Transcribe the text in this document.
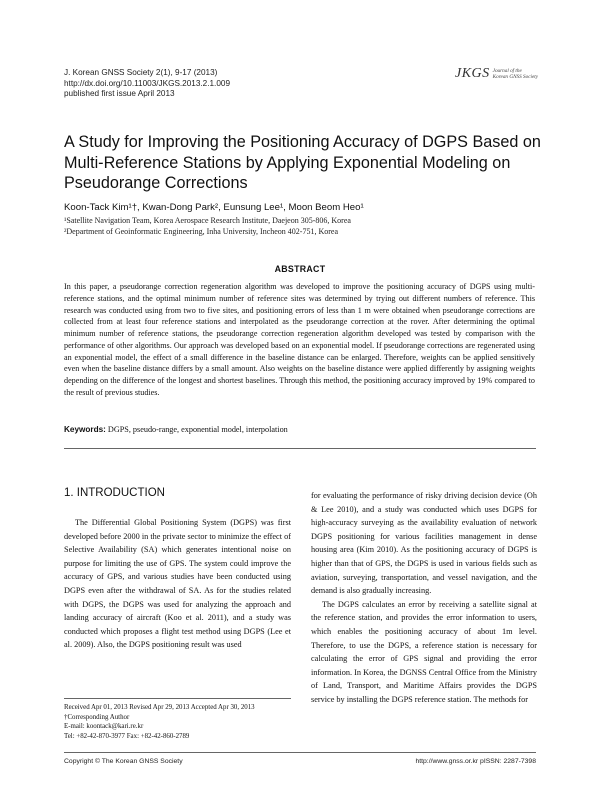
J. Korean GNSS Society 2(1), 9-17 (2013)
http://dx.doi.org/10.11003/JKGS.2013.2.1.009
published first issue April 2013
JKGS Journal of the
Korean GNSS Society
A Study for Improving the Positioning Accuracy of DGPS Based on Multi-Reference Stations by Applying Exponential Modeling on Pseudorange Corrections
Koon-Tack Kim¹†, Kwan-Dong Park², Eunsung Lee¹, Moon Beom Heo¹
¹Satellite Navigation Team, Korea Aerospace Research Institute, Daejeon 305-806, Korea
²Department of Geoinformatic Engineering, Inha University, Incheon 402-751, Korea
ABSTRACT
In this paper, a pseudorange correction regeneration algorithm was developed to improve the positioning accuracy of DGPS using multi-reference stations, and the optimal minimum number of reference sites was determined by trying out different numbers of reference. This research was conducted using from two to five sites, and positioning errors of less than 1 m were obtained when pseudorange corrections are collected from at least four reference stations and interpolated as the pseudorange correction at the rover. After determining the optimal minimum number of reference stations, the pseudorange correction regeneration algorithm developed was tested by comparison with the performance of other algorithms. Our approach was developed based on an exponential model. If pseudorange corrections are regenerated using an exponential model, the effect of a small difference in the baseline distance can be enlarged. Therefore, weights can be applied sensitively even when the baseline distance differs by a small amount. Also weights on the baseline distance were applied differently by assigning weights depending on the difference of the longest and shortest baselines. Through this method, the positioning accuracy improved by 19% compared to the result of previous studies.
Keywords: DGPS, pseudo-range, exponential model, interpolation
1. INTRODUCTION

The Differential Global Positioning System (DGPS) was first developed before 2000 in the private sector to minimize the effect of Selective Availability (SA) which generates intentional noise on purpose for limiting the use of GPS. The system could improve the accuracy of GPS, and various studies have been conducted using DGPS even after the withdrawal of SA. As for the studies related with DGPS, the DGPS was used for analyzing the approach and landing accuracy of aircraft (Koo et al. 2011), and a study was conducted which proposes a flight test method using DGPS (Lee et al. 2009). Also, the DGPS positioning result was used

for evaluating the performance of risky driving decision device (Oh & Lee 2010), and a study was conducted which uses DGPS for high-accuracy surveying as the availability evaluation of network DGPS positioning for various facilities management in dense housing area (Kim 2010). As the positioning accuracy of DGPS is higher than that of GPS, the DGPS is used in various fields such as aviation, surveying, transportation, and vessel navigation, and the demand is also gradually increasing.

The DGPS calculates an error by receiving a satellite signal at the reference station, and provides the error information to users, which enables the positioning accuracy of about 1m level. Therefore, to use the DGPS, a reference station is necessary for calculating the error of GPS signal and providing the error information. In Korea, the DGNSS Central Office from the Ministry of Land, Transport, and Maritime Affairs provides the DGPS service by installing the DGPS reference station. The methods for

Received Apr 01, 2013 Revised Apr 29, 2013 Accepted Apr 30, 2013
†Corresponding Author
E-mail: koontack@kari.re.kr
Tel: +82-42-870-3977 Fax: +82-42-860-2789
Copyright © The Korean GNSS Society	http://www.gnss.or.kr pISSN: 2287-7398
